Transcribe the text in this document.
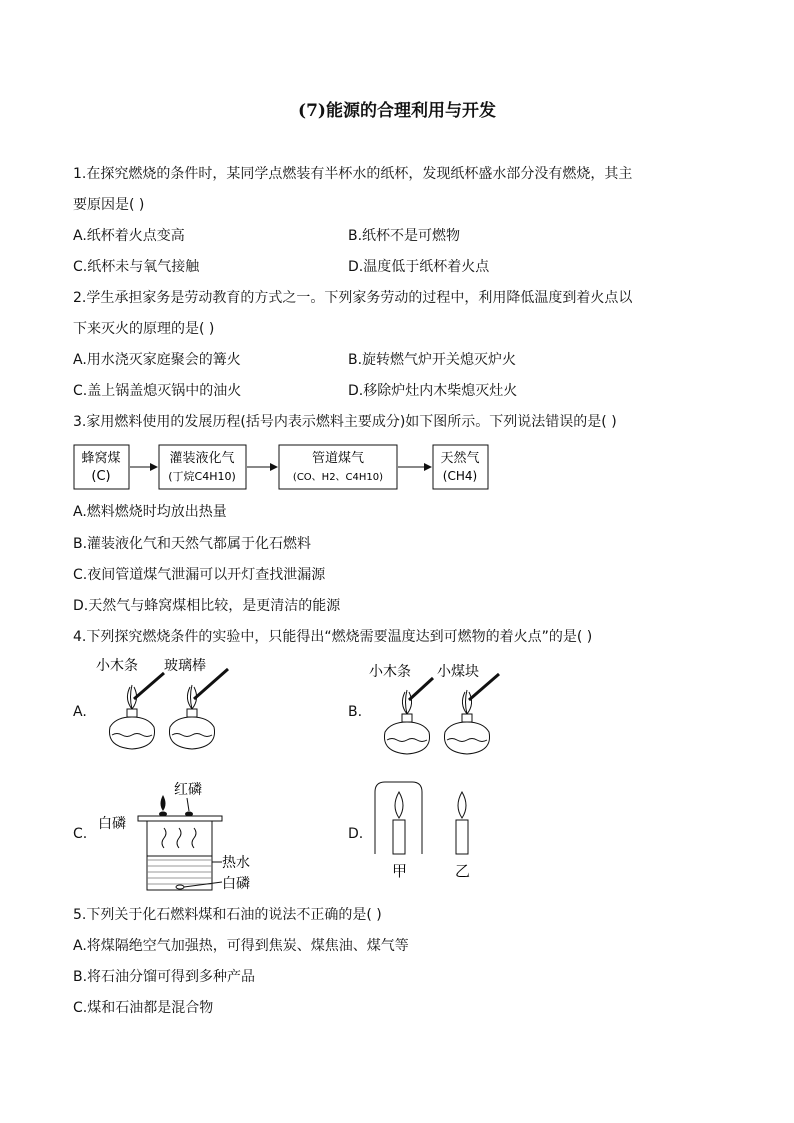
(7)能源的合理利用与开发
1.在探究燃烧的条件时，某同学点燃装有半杯水的纸杯，发现纸杯盛水部分没有燃烧，其主
要原因是( )
A.纸杯着火点变高	B.纸杯不是可燃物
C.纸杯未与氧气接触	D.温度低于纸杯着火点
2.学生承担家务是劳动教育的方式之一。下列家务劳动的过程中，利用降低温度到着火点以
下来灭火的原理的是( )
A.用水浇灭家庭聚会的篝火	B.旋转燃气炉开关熄灭炉火
C.盖上锅盖熄灭锅中的油火	D.移除炉灶内木柴熄灭灶火
3.家用燃料使用的发展历程(括号内表示燃料主要成分)如下图所示。下列说法错误的是( )
蜂窝煤
(C)
灌装液化气
(丁烷C4H10)
管道煤气
(CO、H2、C4H10)
天然气
(CH4)
A.燃料燃烧时均放出热量
B.灌装液化气和天然气都属于化石燃料
C.夜间管道煤气泄漏可以开灯查找泄漏源
D.天然气与蜂窝煤相比较，是更清洁的能源
4.下列探究燃烧条件的实验中，只能得出“燃烧需要温度达到可燃物的着火点”的是( )
A.	B.
C.	D.
小木条 玻璃棒	小木条 小煤块
红磷
白磷
热水
白磷
甲	乙
5.下列关于化石燃料煤和石油的说法不正确的是( )
A.将煤隔绝空气加强热，可得到焦炭、煤焦油、煤气等
B.将石油分馏可得到多种产品
C.煤和石油都是混合物
